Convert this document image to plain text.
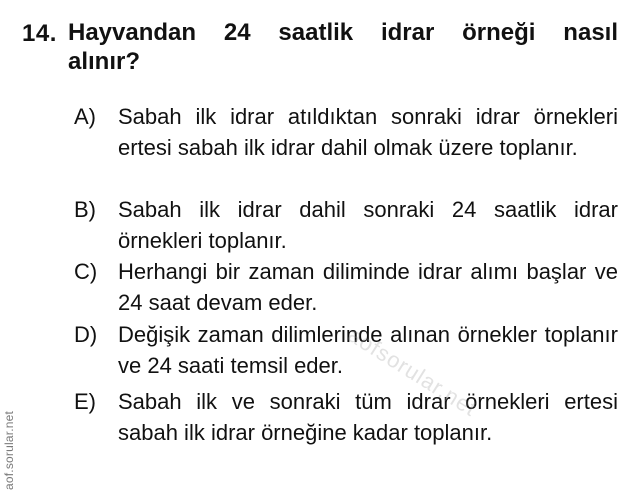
14. Hayvandan 24 saatlik idrar örneği nasıl
alınır?
A) Sabah ilk idrar atıldıktan sonraki idrar örnekleri ertesi sabah ilk idrar dahil olmak üzere toplanır.
B) Sabah ilk idrar dahil sonraki 24 saatlik idrar örnekleri toplanır.
C) Herhangi bir zaman diliminde idrar alımı başlar ve 24 saat devam eder.
D) Değişik zaman dilimlerinde alınan örnekler toplanır ve 24 saati temsil eder.
E) Sabah ilk ve sonraki tüm idrar örnekleri ertesi sabah ilk idrar örneğine kadar toplanır.
aof.sorular.net
aofsorular.net
